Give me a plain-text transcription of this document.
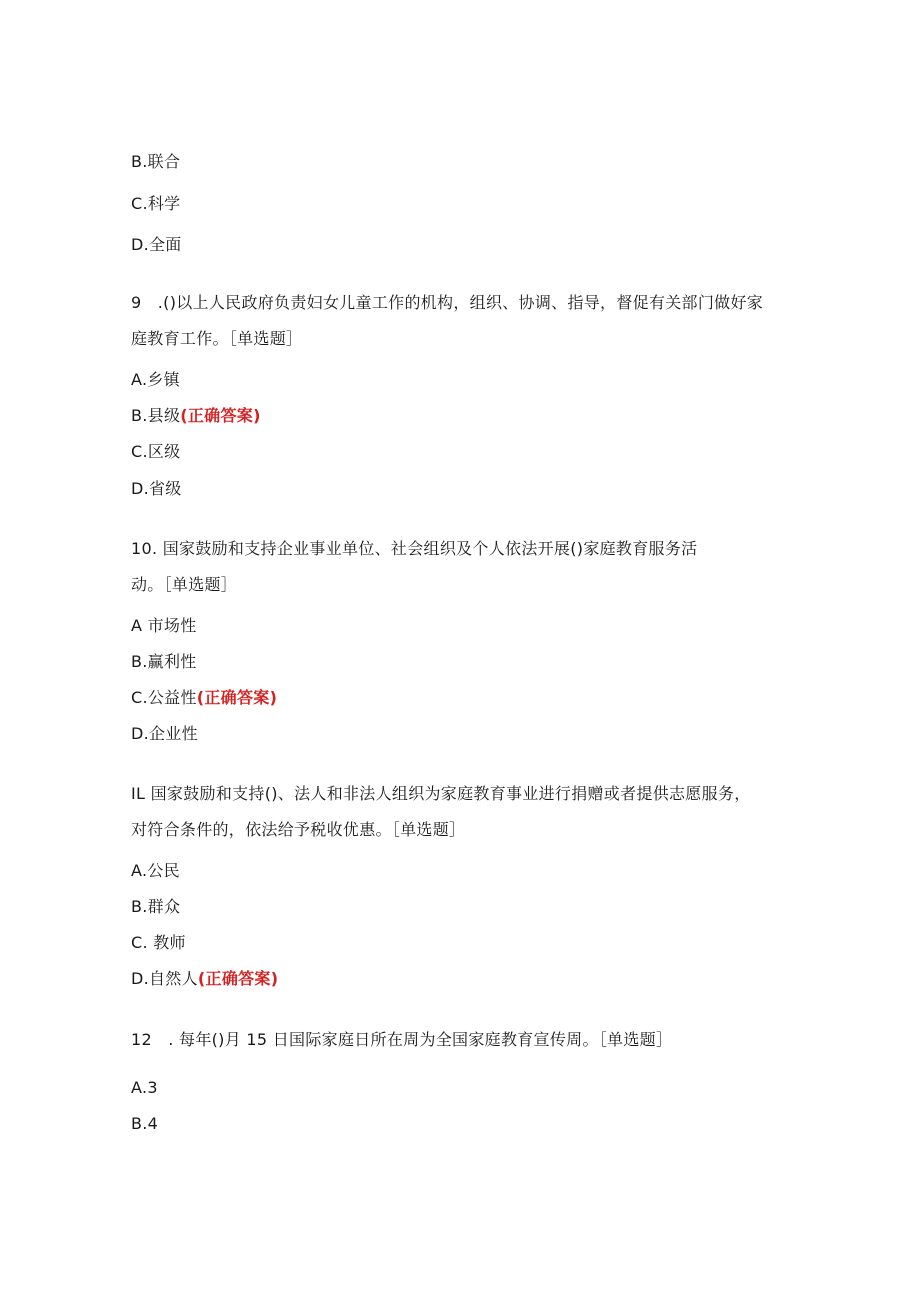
B.联合
C.科学
D.全面
9　.()以上人民政府负责妇女儿童工作的机构，组织、协调、指导，督促有关部门做好家
庭教育工作。［单选题］
A.乡镇
B.县级(正确答案)
C.区级
D.省级
10. 国家鼓励和支持企业事业单位、社会组织及个人依法开展()家庭教育服务活
动。［单选题］
A 市场性
B.赢利性
C.公益性(正确答案)
D.企业性
IL 国家鼓励和支持()、法人和非法人组织为家庭教育事业进行捐赠或者提供志愿服务，
对符合条件的，依法给予税收优惠。［单选题］
A.公民
B.群众
C. 教师
D.自然人(正确答案)
12　. 每年()月 15 日国际家庭日所在周为全国家庭教育宣传周。［单选题］
A.3
B.4
